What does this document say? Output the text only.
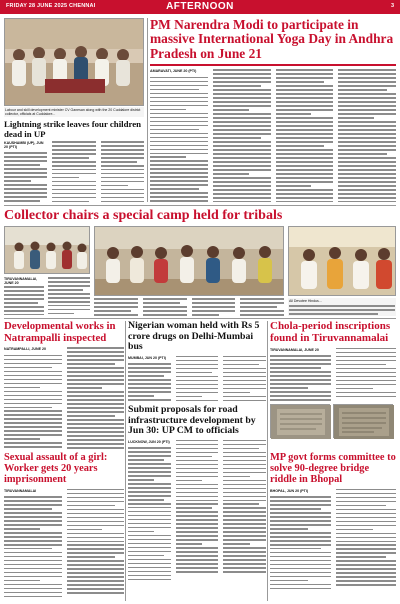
FRIDAY 28 JUNE 2025 CHENNAI	AFTERNOON	3
Labour and skill development minister CV Ganesan along with the 20 Cuddalore district collector, officials at Cuddalore...
Lightning strike leaves four children dead in UP
KAUSHAMBI (UP), JUN 20 (PTI)
PM Narendra Modi to participate in massive International Yoga Day in Andhra Pradesh on June 21
AMARAVATI, JUNE 20 (PTI)
Collector chairs a special camp held for tribals
TIRUVANNAMALAI, JUNE 20
All Devotee Hindus...
Developmental works in Natrampalli inspected
NATRAMPALLI, JUNE 20
Nigerian woman held with Rs 5 crore drugs on Delhi-Mumbai bus
MUMBAI, JUN 20 (PTI)
Chola-period inscriptions found in Tiruvannamalai
TIRUVANNAMALAI, JUNE 20
Submit proposals for road infrastructure development by Jun 30: UP CM to officials
LUCKNOW, JUN 20 (PTI)
Sexual assault of a girl: Worker gets 20 years imprisonment
TIRUVANNAMALAI
MP govt forms committee to solve 90-degree bridge riddle in Bhopal
BHOPAL, JUN 20 (PTI)
